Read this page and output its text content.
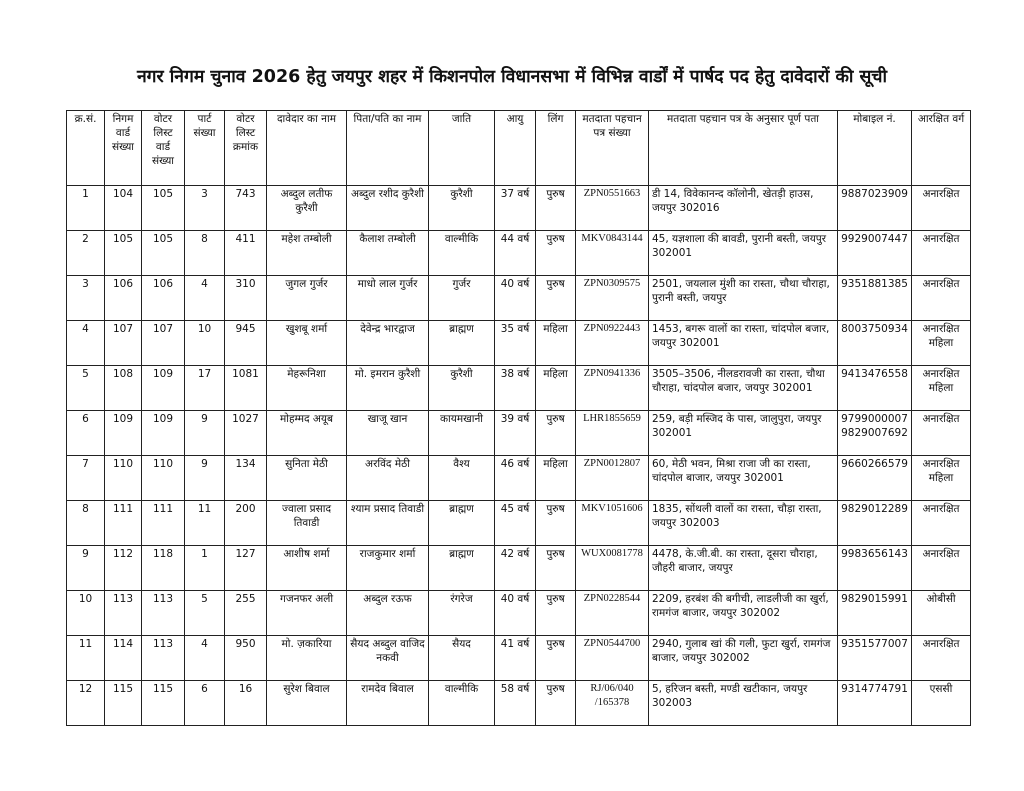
नगर निगम चुनाव 2026 हेतु जयपुर शहर में किशनपोल विधानसभा में विभिन्न वार्डों में पार्षद पद हेतु दावेदारों की सूची
क्र.सं.	निगम वार्ड संख्या	वोटर लिस्ट वार्ड संख्या	पार्ट संख्या	वोटर लिस्ट क्रमांक	दावेदार का नाम	पिता/पति का नाम	जाति	आयु	लिंग	मतदाता पहचान पत्र संख्या	मतदाता पहचान पत्र के अनुसार पूर्ण पता	मोबाइल नं.	आरक्षित वर्ग

1	104	105	3	743	अब्दुल लतीफ कुरैशी	अब्दुल रशीद कुरैशी	कुरैशी	37 वर्ष	पुरुष	ZPN0551663	डी 14, विवेकानन्द कॉलोनी, खेतड़ी हाउस, जयपुर 302016	9887023909	अनारक्षित

2	105	105	8	411	महेश तम्बोली	कैलाश तम्बोली	वाल्मीकि	44 वर्ष	पुरुष	MKV0843144	45, यज्ञशाला की बावडी, पुरानी बस्ती, जयपुर 302001	9929007447	अनारक्षित

3	106	106	4	310	जुगल गुर्जर	माधो लाल गुर्जर	गुर्जर	40 वर्ष	पुरुष	ZPN0309575	2501, जयलाल मुंशी का रास्ता, चौथा चौराहा, पुरानी बस्ती, जयपुर	9351881385	अनारक्षित

4	107	107	10	945	खुशबू शर्मा	देवेन्द्र भारद्वाज	ब्राह्मण	35 वर्ष	महिला	ZPN0922443	1453, बगरू वालों का रास्ता, चांदपोल बजार, जयपुर 302001	8003750934	अनारक्षित महिला

5	108	109	17	1081	मेहरूनिशा	मो. इमरान कुरैशी	कुरैशी	38 वर्ष	महिला	ZPN0941336	3505–3506, नीलडरावजी का रास्ता, चौथा चौराहा, चांदपोल बजार, जयपुर 302001	9413476558	अनारक्षित महिला

6	109	109	9	1027	मोहम्मद अयूब	खाजू खान	कायमखानी	39 वर्ष	पुरुष	LHR1855659	259, बड़ी मस्जिद के पास, जालुपुरा, जयपुर 302001	9799000007 9829007692	अनारक्षित

7	110	110	9	134	सुनिता मेठी	अरविंद मेठी	वैश्य	46 वर्ष	महिला	ZPN0012807	60, मेठी भवन, मिश्रा राजा जी का रास्ता, चांदपोल बाजार, जयपुर 302001	9660266579	अनारक्षित महिला

8	111	111	11	200	ज्वाला प्रसाद तिवाडी	श्याम प्रसाद तिवाडी	ब्राह्मण	45 वर्ष	पुरुष	MKV1051606	1835, सोंथली वालों का रास्ता, चौड़ा रास्ता, जयपुर 302003	9829012289	अनारक्षित

9	112	118	1	127	आशीष शर्मा	राजकुमार शर्मा	ब्राह्मण	42 वर्ष	पुरुष	WUX0081778	4478, के.जी.बी. का रास्ता, दूसरा चौराहा, जौहरी बाजार, जयपुर	9983656143	अनारक्षित

10	113	113	5	255	गजनफर अली	अब्दुल रऊफ	रंगरेज	40 वर्ष	पुरुष	ZPN0228544	2209, हरबंश की बगीची, लाडलीजी का खुर्रा, रामगंज बाजार, जयपुर 302002	9829015991	ओबीसी

11	114	113	4	950	मो. ज़कारिया	सैयद अब्दुल वाजिद नकवी	सैयद	41 वर्ष	पुरुष	ZPN0544700	2940, गुलाब खां की गली, फुटा खुर्रा, रामगंज बाजार, जयपुर 302002	9351577007	अनारक्षित

12	115	115	6	16	सुरेश बिवाल	रामदेव बिवाल	वाल्मीकि	58 वर्ष	पुरुष	RJ/06/040 /165378	5, हरिजन बस्ती, मण्डी खटीकान, जयपुर 302003	9314774791	एससी
